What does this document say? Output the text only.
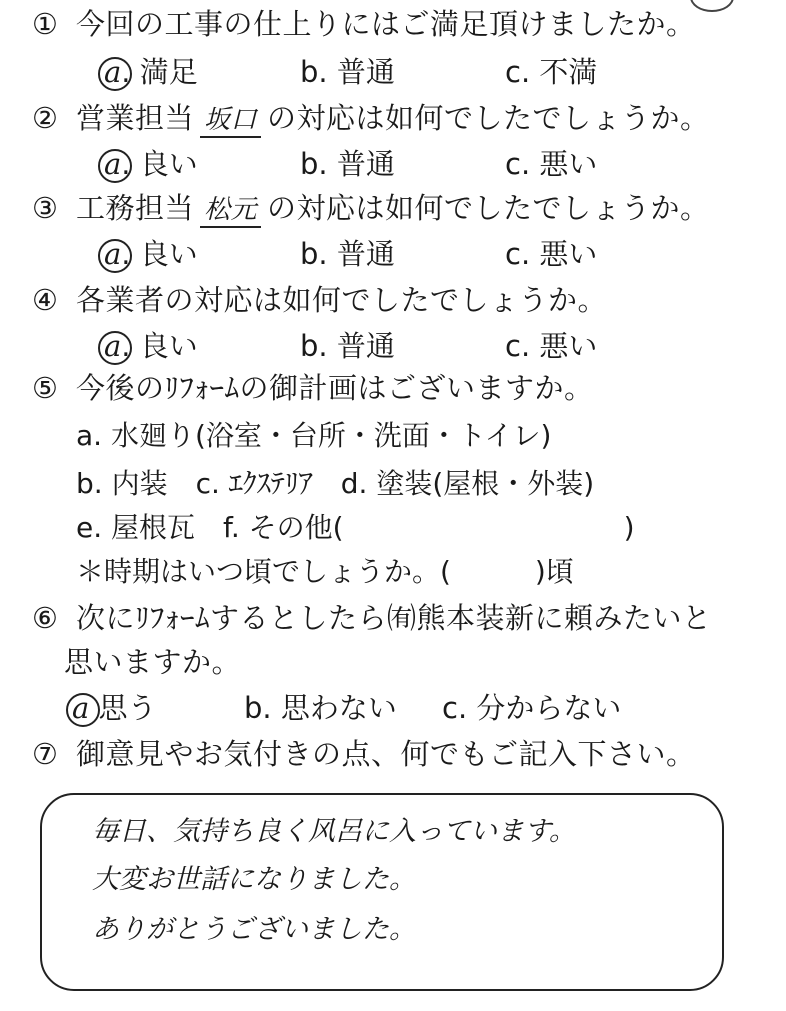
① 今回の工事の仕上りにはご満足頂けましたか。
a. 満足	b. 普通	c. 不満
② 営業担当 坂口 の対応は如何でしたでしょうか。
a. 良い	b. 普通	c. 悪い
③ 工務担当 松元 の対応は如何でしたでしょうか。
a. 良い	b. 普通	c. 悪い
④ 各業者の対応は如何でしたでしょうか。
a. 良い	b. 普通	c. 悪い
⑤ 今後のﾘﾌｫｰﾑの御計画はございますか。
a. 水廻り(浴室・台所・洗面・トイレ)
b. 内装　c. ｴｸｽﾃﾘｱ　d. 塗装(屋根・外装)
e. 屋根瓦　f. その他(　　　　　　　　　　)
＊時期はいつ頃でしょうか。(　　　)頃
⑥ 次にﾘﾌｫｰﾑするとしたら㈲熊本装新に頼みたいと
思いますか。
a 思う	b. 思わない c. 分からない
⑦ 御意見やお気付きの点、何でもご記入下さい。
毎日、気持ち良く风呂に入っています。
大変お世話になりました。
ありがとうございました。
